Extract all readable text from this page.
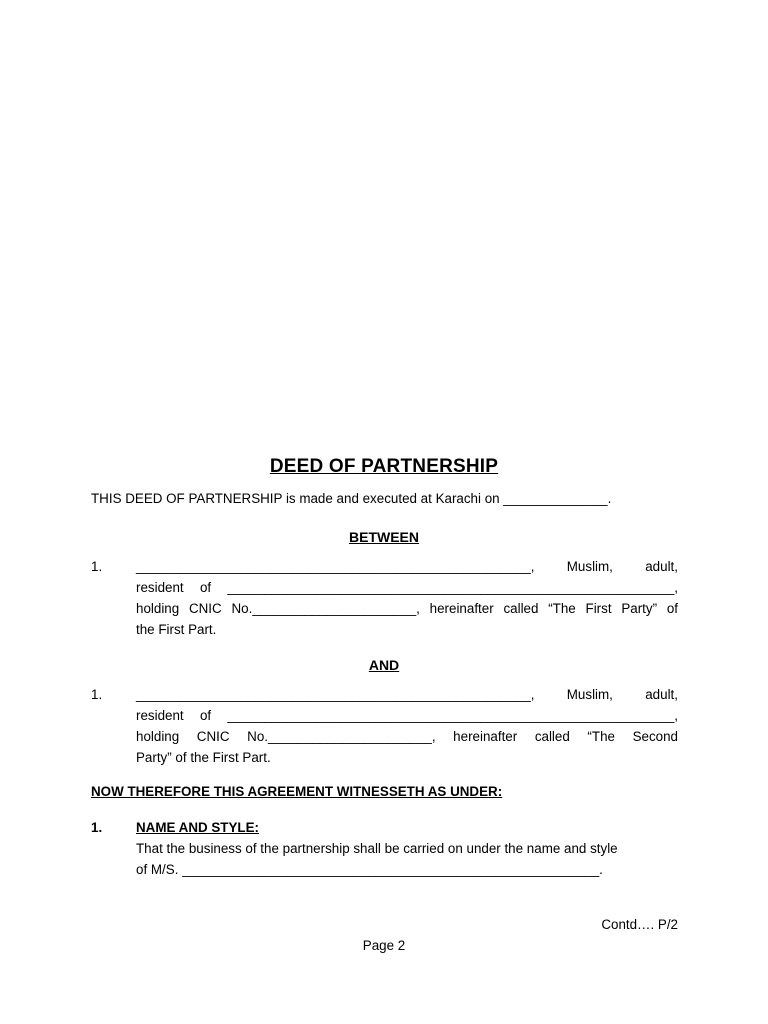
DEED OF PARTNERSHIP
THIS DEED OF PARTNERSHIP is made and executed at Karachi on ______________.
BETWEEN
1.	_____________________________________________________, Muslim, adult,
resident of ____________________________________________________________,
holding CNIC No.______________________, hereinafter called “The First Party” of
the First Part.
AND
1.	_____________________________________________________, Muslim, adult,
resident of ____________________________________________________________,
holding CNIC No.______________________, hereinafter called “The Second
Party” of the First Part.
NOW THEREFORE THIS AGREEMENT WITNESSETH AS UNDER:
1.	NAME AND STYLE:
That the business of the partnership shall be carried on under the name and style
of M/S. ________________________________________________________.
Contd…. P/2
Page 2
